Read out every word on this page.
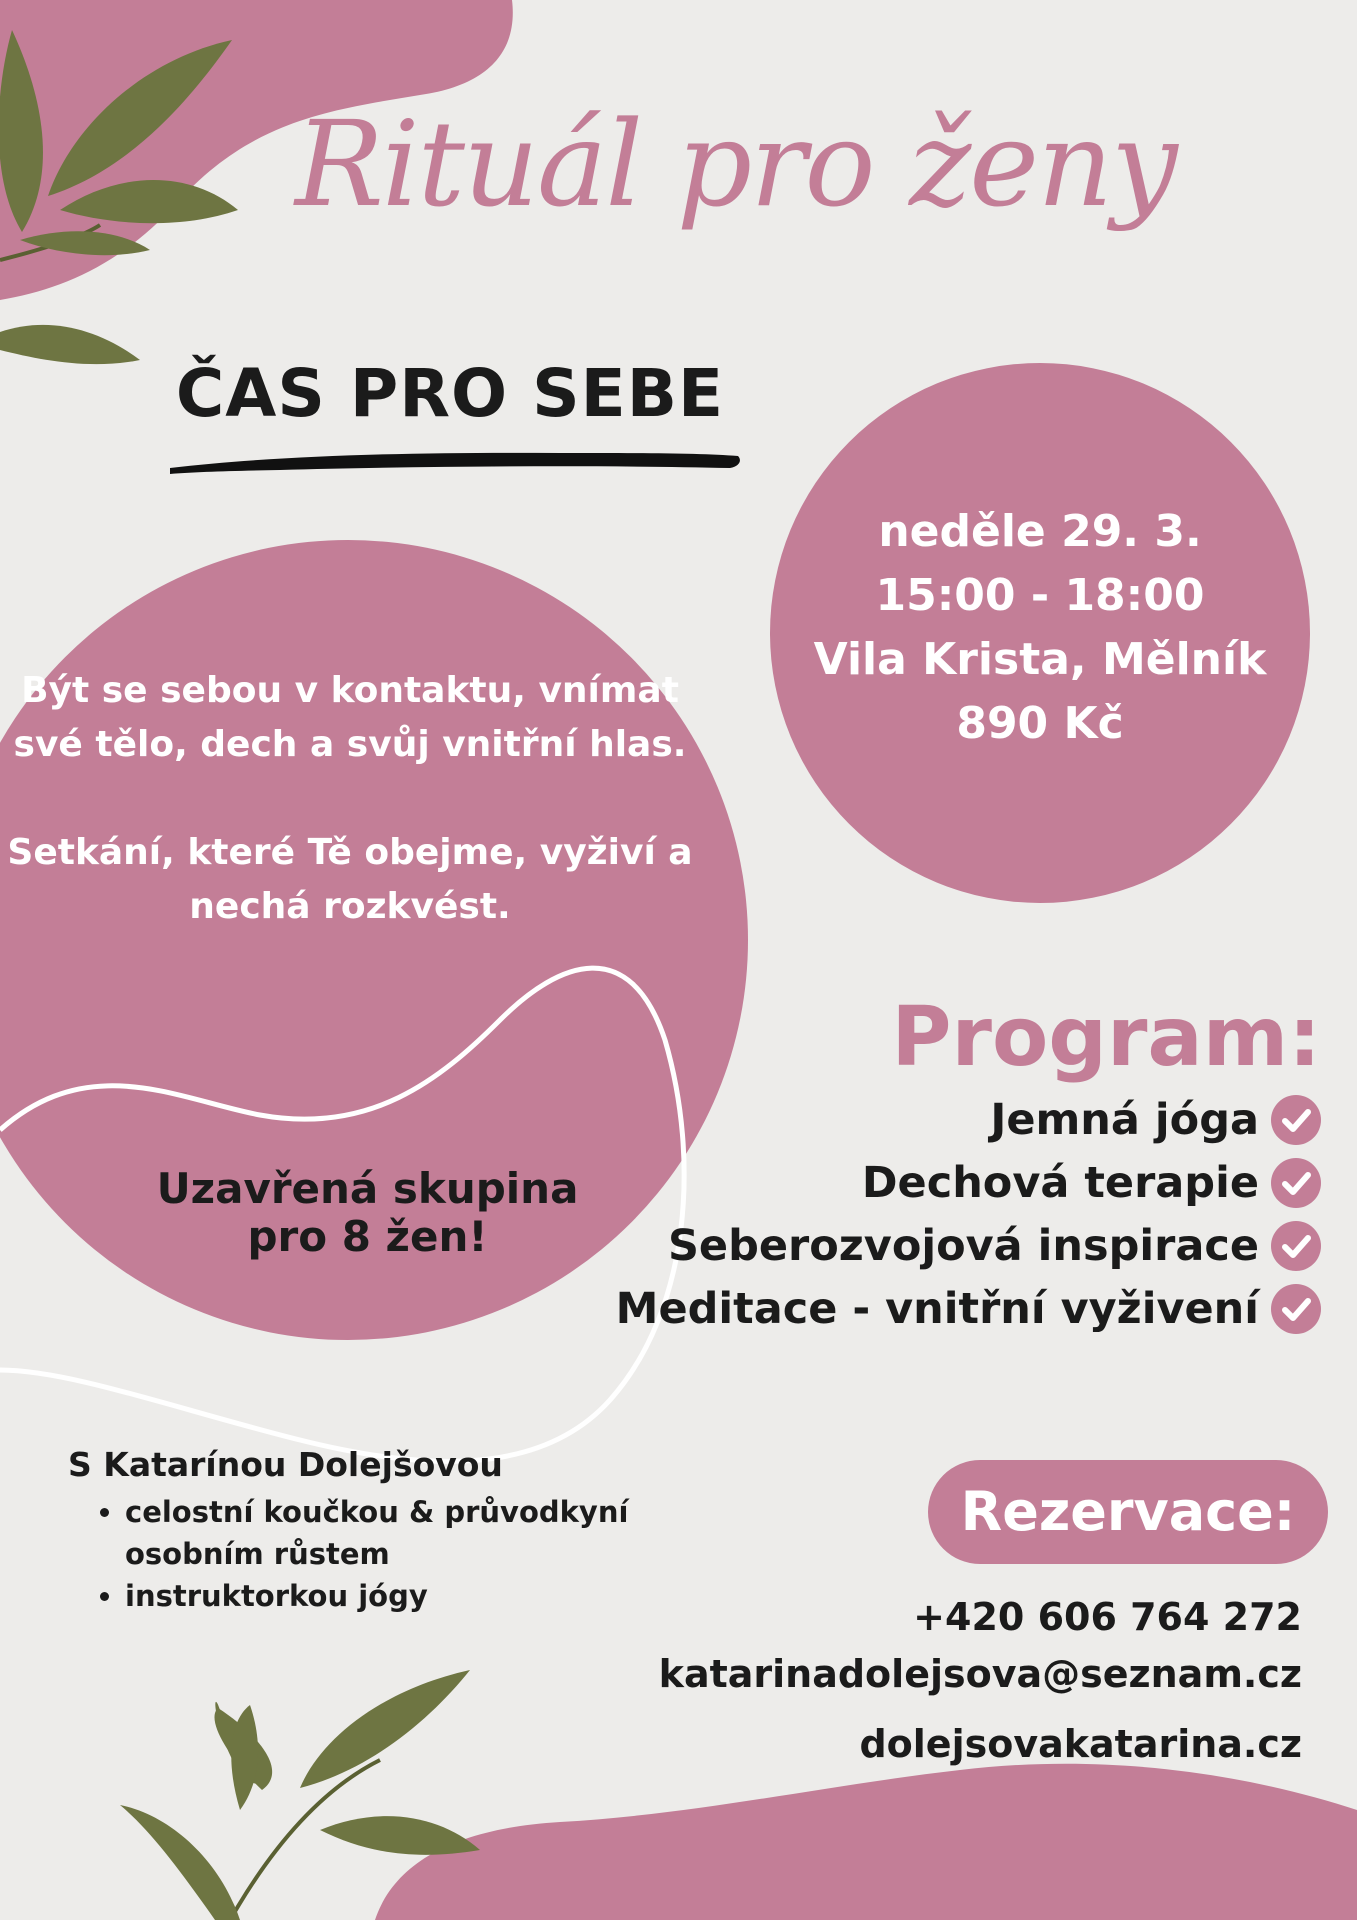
Rituál pro ženy
ČAS PRO SEBE
neděle 29. 3.
15:00 - 18:00
Vila Krista, Mělník
890 Kč

Být se sebou v kontaktu, vnímat své tělo, dech a svůj vnitřní hlas.

Setkání, které Tě obejme, vyživí a nechá rozkvést.

Uzavřená skupina
pro 8 žen!
Program:
Jemná jóga
Dechová terapie
Seberozvojová inspirace
Meditace - vnitřní vyživení
S Katarínou Dolejšovou
• celostní koučkou & průvodkyní osobním růstem
• instruktorkou jógy
Rezervace:
+420 606 764 272
katarinadolejsova@seznam.cz
dolejsovakatarina.cz
